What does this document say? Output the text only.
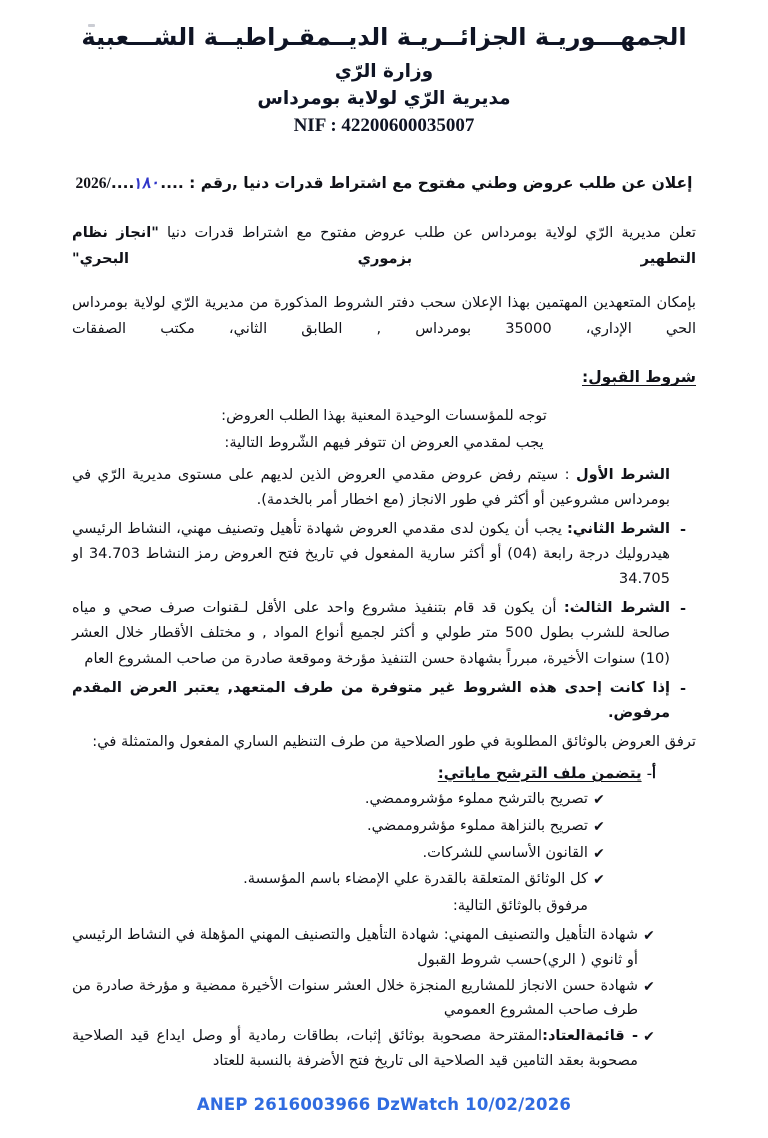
الجمهـــوريـة الجزائــريـة الديــمقـراطيــة الشـــعبية
وزارة الرّي
مديرية الرّي لولاية بومرداس
NIF : 42200600035007
إعلان عن طلب عروض وطني مفتوح مع اشتراط قدرات دنيا ,رقم : ....١٨٠..../2026
تعلن مديرية الرّي لولاية بومرداس عن طلب عروض مفتوح مع اشتراط قدرات دنيا "انجاز نظام التطهير بزموري البحري"
بإمكان المتعهدين المهتمين بهذا الإعلان سحب دفتر الشروط المذكورة من مديرية الرّي لولاية بومرداس الحي الإداري، 35000 بومرداس , الطابق الثاني، مكتب الصفقات
شروط القبول:
توجه للمؤسسات الوحيدة المعنية بهذا الطلب العروض:
يجب لمقدمي العروض ان تتوفر فيهم الشّروط التالية:
الشرط الأول : سيتم رفض عروض مقدمي العروض الذين لديهم على مستوى مديرية الرّي في بومرداس مشروعين أو أكثر في طور الانجاز (مع اخطار أمر بالخدمة).
-
الشرط الثاني: يجب أن يكون لدى مقدمي العروض شهادة تأهيل وتصنيف مهني، النشاط الرئيسي هيدروليك درجة رابعة (04) أو أكثر سارية المفعول في تاريخ فتح العروض رمز النشاط 34.703 او 34.705
-
الشرط الثالث: أن يكون قد قام بتنفيذ مشروع واحد على الأقل لـقنوات صرف صحي و مياه صالحة للشرب بطول 500 متر طولي و أكثر لجميع أنواع المواد , و مختلف الأقطار خلال العشر (10) سنوات الأخيرة، مبرراً بشهادة حسن التنفيذ مؤرخة وموقعة صادرة من صاحب المشروع العام
-
إذا كانت إحدى هذه الشروط غير متوفرة من طرف المتعهد, يعتبر العرض المقدم مرفوض.
ترفق العروض بالوثائق المطلوبة في طور الصلاحية من طرف التنظيم الساري المفعول والمتمثلة في:
أ- يتضمن ملف الترشح ماياتي:
✔
تصريح بالترشح مملوء مؤشروممضي.
✔
تصريح بالنزاهة مملوء مؤشروممضي.
✔
القانون الأساسي للشركات.
✔
كل الوثائق المتعلقة بالقدرة علي الإمضاء باسم المؤسسة.
مرفوق بالوثائق التالية:
✔
شهادة التأهيل والتصنيف المهني: شهادة التأهيل والتصنيف المهني المؤهلة في النشاط الرئيسي أو ثانوي ( الري)حسب شروط القبول
✔
شهادة حسن الانجاز للمشاريع المنجزة خلال العشر سنوات الأخيرة ممضية و مؤرخة صادرة من طرف صاحب المشروع العمومي
✔
- قائمةالعتاد:المقترحة مصحوبة بوثائق إثبات، بطاقات رمادية أو وصل ايداع قيد الصلاحية مصحوبة بعقد التامين قيد الصلاحية الى تاريخ فتح الأضرفة بالنسبة للعتاد
ANEP 2616003966 DzWatch 10/02/2026
